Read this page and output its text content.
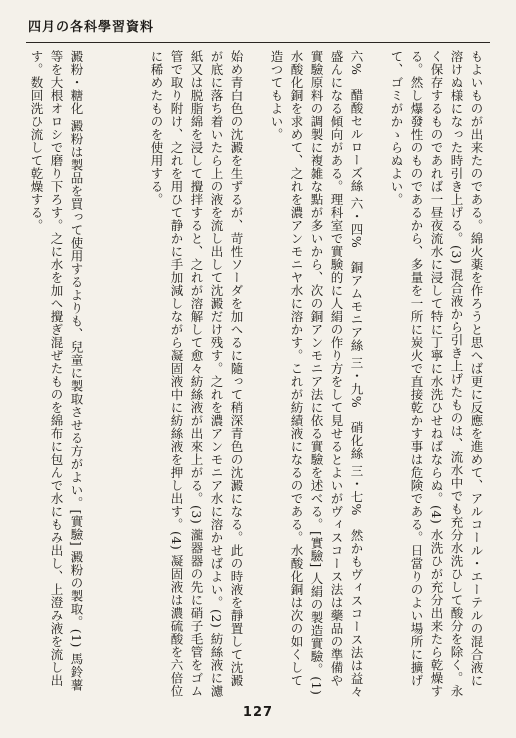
四月の各科學習資料
澱粉・糖化 澱粉は製品を買って使用するよりも、兒童に製取させる方がよい。[實驗] 澱粉の製取。(1) 馬鈴薯等を大根オロシで磨り下ろす。之に水を加へ攪ぎ混ぜたものを綿布に包んで水にもみ出し、上澄み液を流し出す。数回洗ひ流して乾燥する。	始め青白色の沈澱を生ずるが、苛性ソーダを加へるに隨って稍深青色の沈澱になる。此の時液を靜置して沈澱が底に落ち着いたら上の液を流し出して沈澱だけ残す。之れを濃アンモニア水に溶かせばよい。(2) 紡絲液に濾紙又は脱脂綿を浸して攪拌すると、之れが溶解して愈々紡絲液が出來上がる。(3) 瀧器器の先に硝子毛管をゴム管で取り附け、之れを用ひて静かに手加減しながら凝固液中に紡絲液を押し出す。(4) 凝固液は濃硫酸を六倍位に稀めたものを使用する。	六%　醋酸セルローズ絲 六・四%　銅アムモニア絲 三・九%　硝化絲 三・七%　然かもヴィスコース法は益々盛んになる傾向がある。理科室で實験的に人絹の作り方をして見せるとよいがヴィスコース法は藥品の準備や實驗原料の調製に複雑な點が多いから、次の銅アンモニア法に依る實驗を述べる。[實驗] 人絹の製造實驗。(1) 水酸化銅を求めて、之れを濃アンモニヤ水に溶かす。これが紡績液になるのである。水酸化銅は次の如くして造つてもよい。	もよいものが出来たのである。綿火薬を作ろうと思へば更に反應を進めて、アルコール・エーテルの混合液に溶けぬ様になった時引き上げる。(3) 混合液から引き上げたものは、流水中でも充分水洗ひして酸分を除く。永く保存するものであれば一昼夜流水に浸して特に丁寧に水洗ひせねばならぬ。(4) 水洗ひが充分出来たら乾燥する。然し爆發性のものであるから、多量を一所に炭火で直接乾かす事は危険である。日當りのよい場所に擴げて、ゴミがかゝらぬよい。
127
